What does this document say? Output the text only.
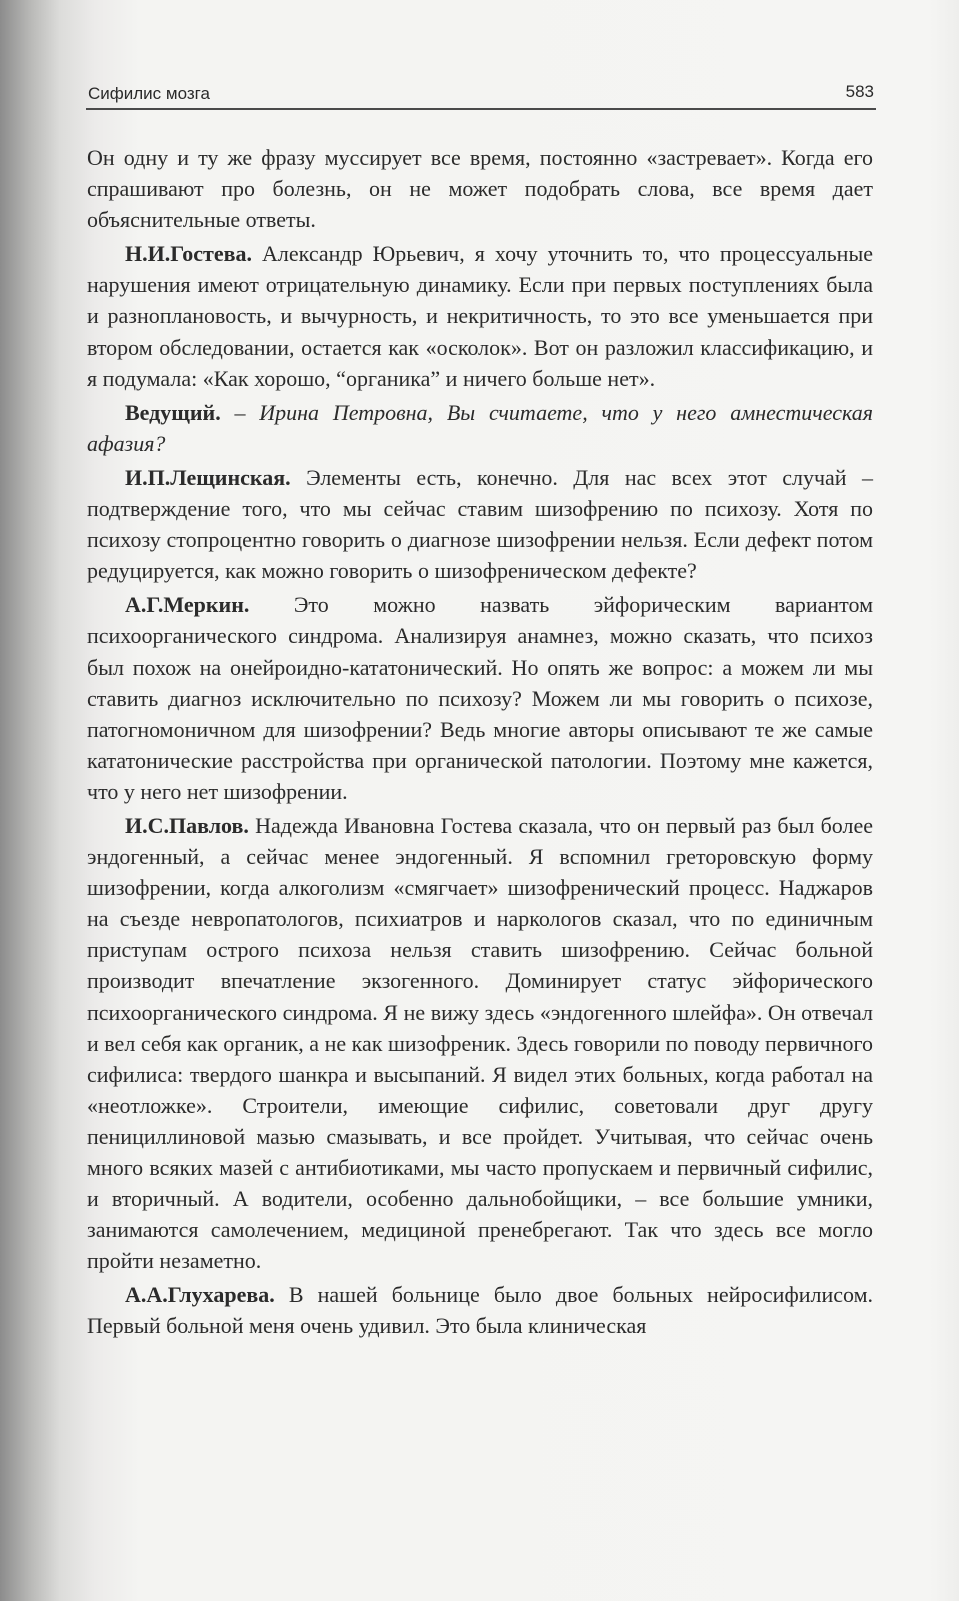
Сифилис мозга	583

Он одну и ту же фразу муссирует все время, постоянно «застревает». Когда его спрашивают про болезнь, он не может подобрать слова, все время дает объяснительные ответы.

Н.И.Гостева. Александр Юрьевич, я хочу уточнить то, что процессуальные нарушения имеют отрицательную динамику. Если при первых поступлениях была и разноплановость, и вычурность, и некритичность, то это все уменьшается при втором обследовании, остается как «осколок». Вот он разложил классификацию, и я подумала: «Как хорошо, “органика” и ничего больше нет».

Ведущий. – Ирина Петровна, Вы считаете, что у него амнестическая афазия?

И.П.Лещинская. Элементы есть, конечно. Для нас всех этот случай – подтверждение того, что мы сейчас ставим шизофрению по психозу. Хотя по психозу стопроцентно говорить о диагнозе шизофрении нельзя. Если дефект потом редуцируется, как можно говорить о шизофреническом дефекте?

А.Г.Меркин. Это можно назвать эйфорическим вариантом психоорганического синдрома. Анализируя анамнез, можно сказать, что психоз был похож на онейроидно-кататонический. Но опять же вопрос: а можем ли мы ставить диагноз исключительно по психозу? Можем ли мы говорить о психозе, патогномоничном для шизофрении? Ведь многие авторы описывают те же самые кататонические расстройства при органической патологии. Поэтому мне кажется, что у него нет шизофрении.

И.С.Павлов. Надежда Ивановна Гостева сказала, что он первый раз был более эндогенный, а сейчас менее эндогенный. Я вспомнил греторовскую форму шизофрении, когда алкоголизм «смягчает» шизофренический процесс. Наджаров на съезде невропатологов, психиатров и наркологов сказал, что по единичным приступам острого психоза нельзя ставить шизофрению. Сейчас больной производит впечатление экзогенного. Доминирует статус эйфорического психоорганического синдрома. Я не вижу здесь «эндогенного шлейфа». Он отвечал и вел себя как органик, а не как шизофреник. Здесь говорили по поводу первичного сифилиса: твердого шанкра и высыпаний. Я видел этих больных, когда работал на «неотложке». Строители, имеющие сифилис, советовали друг другу пенициллиновой мазью смазывать, и все пройдет. Учитывая, что сейчас очень много всяких мазей с антибиотиками, мы часто пропускаем и первичный сифилис, и вторичный. А водители, особенно дальнобойщики, – все большие умники, занимаются самолечением, медициной пренебрегают. Так что здесь все могло пройти незаметно.

А.А.Глухарева. В нашей больнице было двое больных нейросифилисом. Первый больной меня очень удивил. Это была клиническая
